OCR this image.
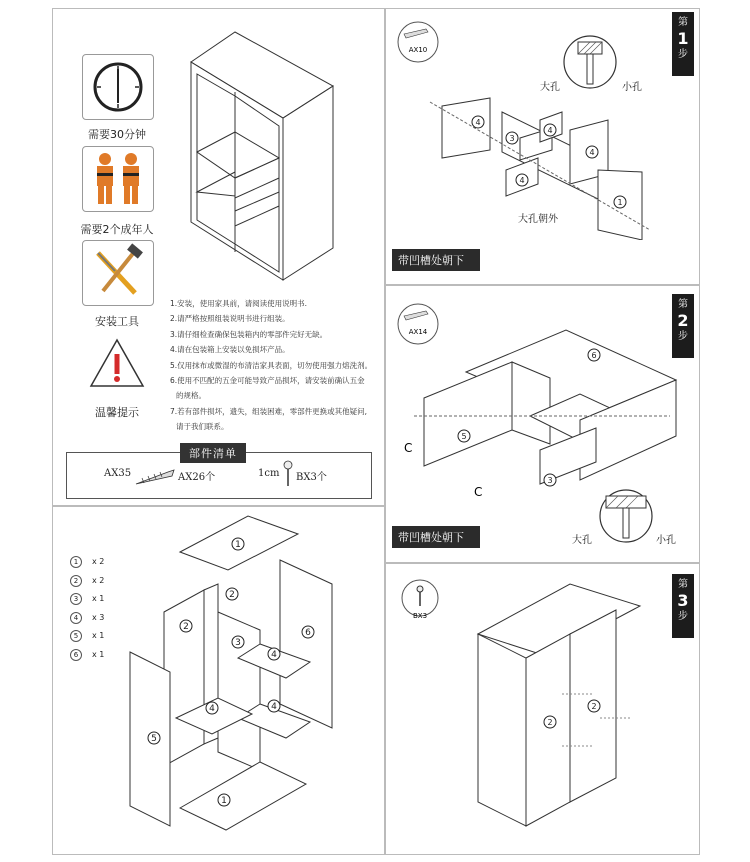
需要30分钟
需要2个成年人
安装工具
温馨提示
1.安装，使用家具前，请阅读使用说明书.
2.请严格按照组装说明书进行组装。
3.请仔细检查确保包装箱内的零部件完好无缺。
4.请在包装箱上安装以免损坏产品。
5.仅用抹布或微湿的布清洁家具表面，切勿使用强力熔洗剂。
6.使用不匹配的五金可能导致产品损坏，请安装前确认五金
的规格。
7.若有部件损坏，遗失，组装困难，零部件更换或其他疑问,
请于我们联系。
部件清单
AX35	AX26个	1cm BX3个
1 x 2
2 x 2
3 x 1
4 x 3
5 x 1
6 x 1
1
2
2
3
6
4
4
4
5
1
第
1
步
AX10
大孔	小孔
4
3
4
4
4
1
大孔朝外
带凹槽处朝下
第
2
步
AX14
6
5
3
C
C
大孔	小孔
带凹槽处朝下
第
3
步
BX3
2
2
